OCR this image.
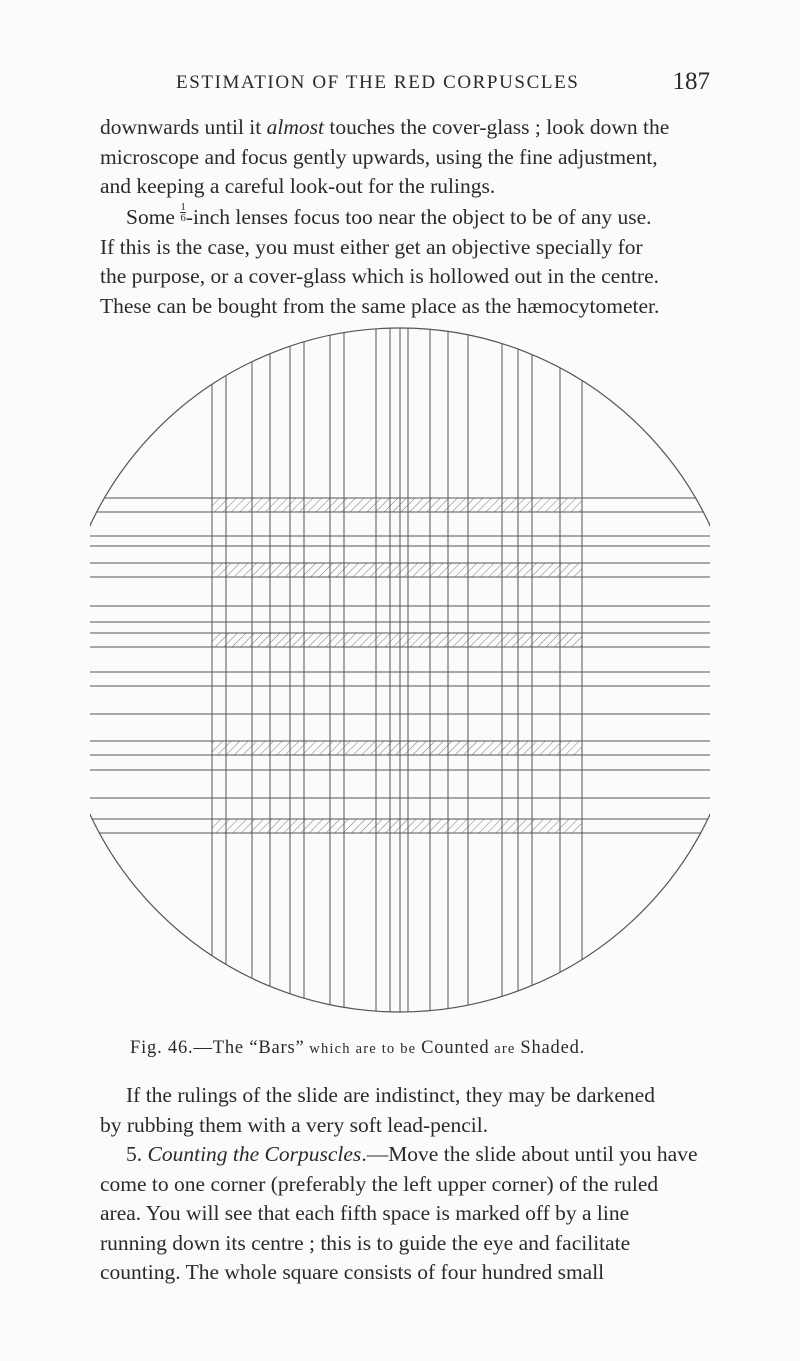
ESTIMATION OF THE RED CORPUSCLES	187

downwards until it almost touches the cover-glass ; look down the
microscope and focus gently upwards, using the fine adjustment,
and keeping a careful look-out for the rulings.

Some $\frac{1}{6}$ -inch lenses focus too near the object to be of any use.
If this is the case, you must either get an objective specially for
the purpose, or a cover-glass which is hollowed out in the centre.
These can be bought from the same place as the hæmocytometer.

Fig. 46.—The “Bars” which are to be Counted are Shaded.

If the rulings of the slide are indistinct, they may be darkened
by rubbing them with a very soft lead-pencil.

5. Counting the Corpuscles.—Move the slide about until you have
come to one corner (preferably the left upper corner) of the ruled
area. You will see that each fifth space is marked off by a line
running down its centre ; this is to guide the eye and facilitate
counting. The whole square consists of four hundred small
